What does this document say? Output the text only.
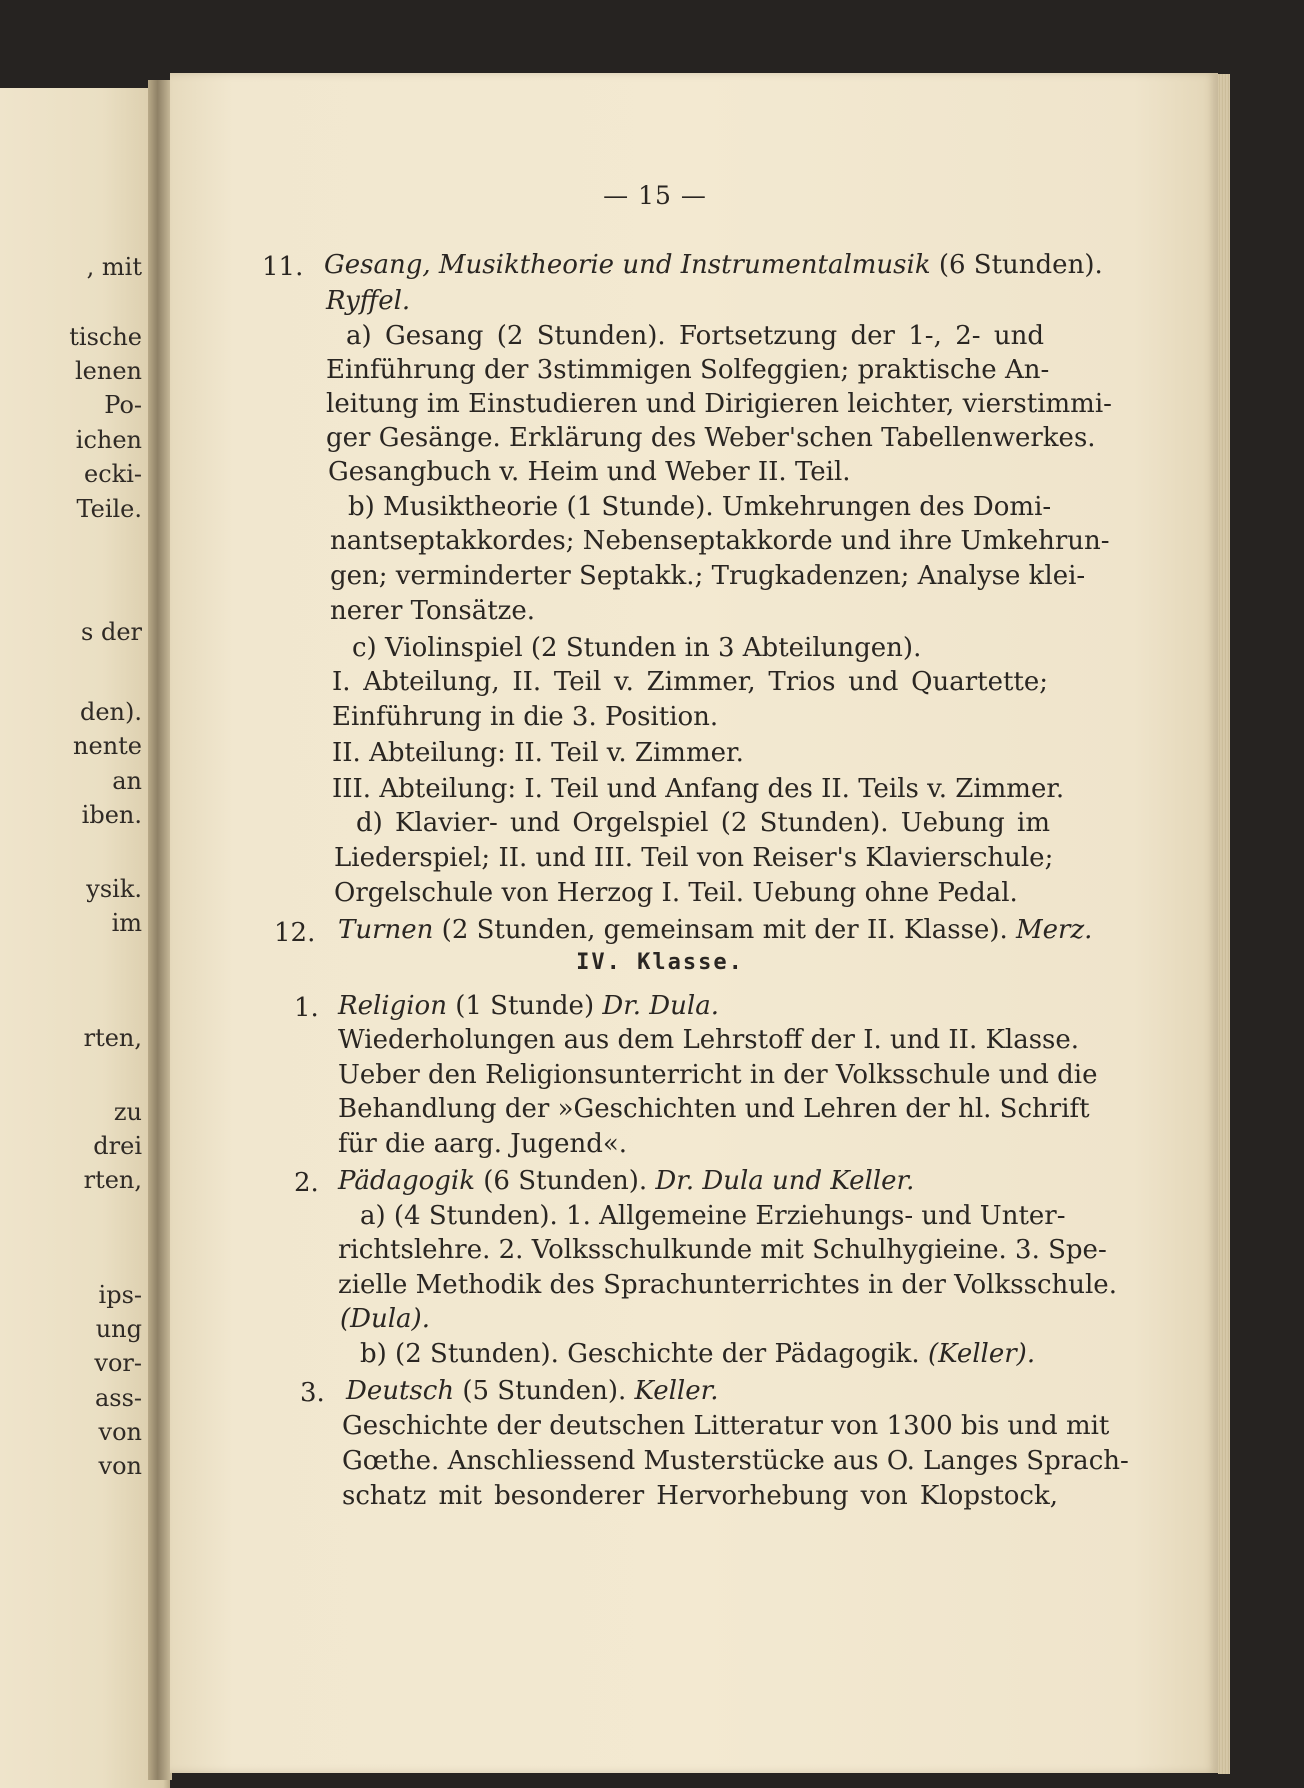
, mit
tische
lenen
Po-
ichen
ecki-
Teile.
s der
den).
nente
an
iben.
ysik.
im
rten,
zu
drei
rten,
ips-
ung
vor-
ass-
von
von
— 15 —
11. Gesang, Musiktheorie und Instrumentalmusik (6 Stunden).
Ryffel.
a) Gesang (2 Stunden). Fortsetzung der 1-, 2- und
Einführung der 3stimmigen Solfeggien; praktische An-
leitung im Einstudieren und Dirigieren leichter, vierstimmi-
ger Gesänge. Erklärung des Weber'schen Tabellenwerkes.
Gesangbuch v. Heim und Weber II. Teil.
b) Musiktheorie (1 Stunde). Umkehrungen des Domi-
nantseptakkordes; Nebenseptakkorde und ihre Umkehrun-
gen; verminderter Septakk.; Trugkadenzen; Analyse klei-
nerer Tonsätze.
c) Violinspiel (2 Stunden in 3 Abteilungen).
I. Abteilung, II. Teil v. Zimmer, Trios und Quartette;
Einführung in die 3. Position.
II. Abteilung: II. Teil v. Zimmer.
III. Abteilung: I. Teil und Anfang des II. Teils v. Zimmer.
d) Klavier- und Orgelspiel (2 Stunden). Uebung im
Liederspiel; II. und III. Teil von Reiser's Klavierschule;
Orgelschule von Herzog I. Teil. Uebung ohne Pedal.
12. Turnen (2 Stunden, gemeinsam mit der II. Klasse). Merz.
IV. Klasse.
1. Religion (1 Stunde) Dr. Dula.
Wiederholungen aus dem Lehrstoff der I. und II. Klasse.
Ueber den Religionsunterricht in der Volksschule und die
Behandlung der »Geschichten und Lehren der hl. Schrift
für die aarg. Jugend«.
2. Pädagogik (6 Stunden). Dr. Dula und Keller.
a) (4 Stunden). 1. Allgemeine Erziehungs- und Unter-
richtslehre. 2. Volksschulkunde mit Schulhygieine. 3. Spe-
zielle Methodik des Sprachunterrichtes in der Volksschule.
(Dula).
b) (2 Stunden). Geschichte der Pädagogik. (Keller).
3. Deutsch (5 Stunden). Keller.
Geschichte der deutschen Litteratur von 1300 bis und mit
Gœthe. Anschliessend Musterstücke aus O. Langes Sprach-
schatz mit besonderer Hervorhebung von Klopstock,
